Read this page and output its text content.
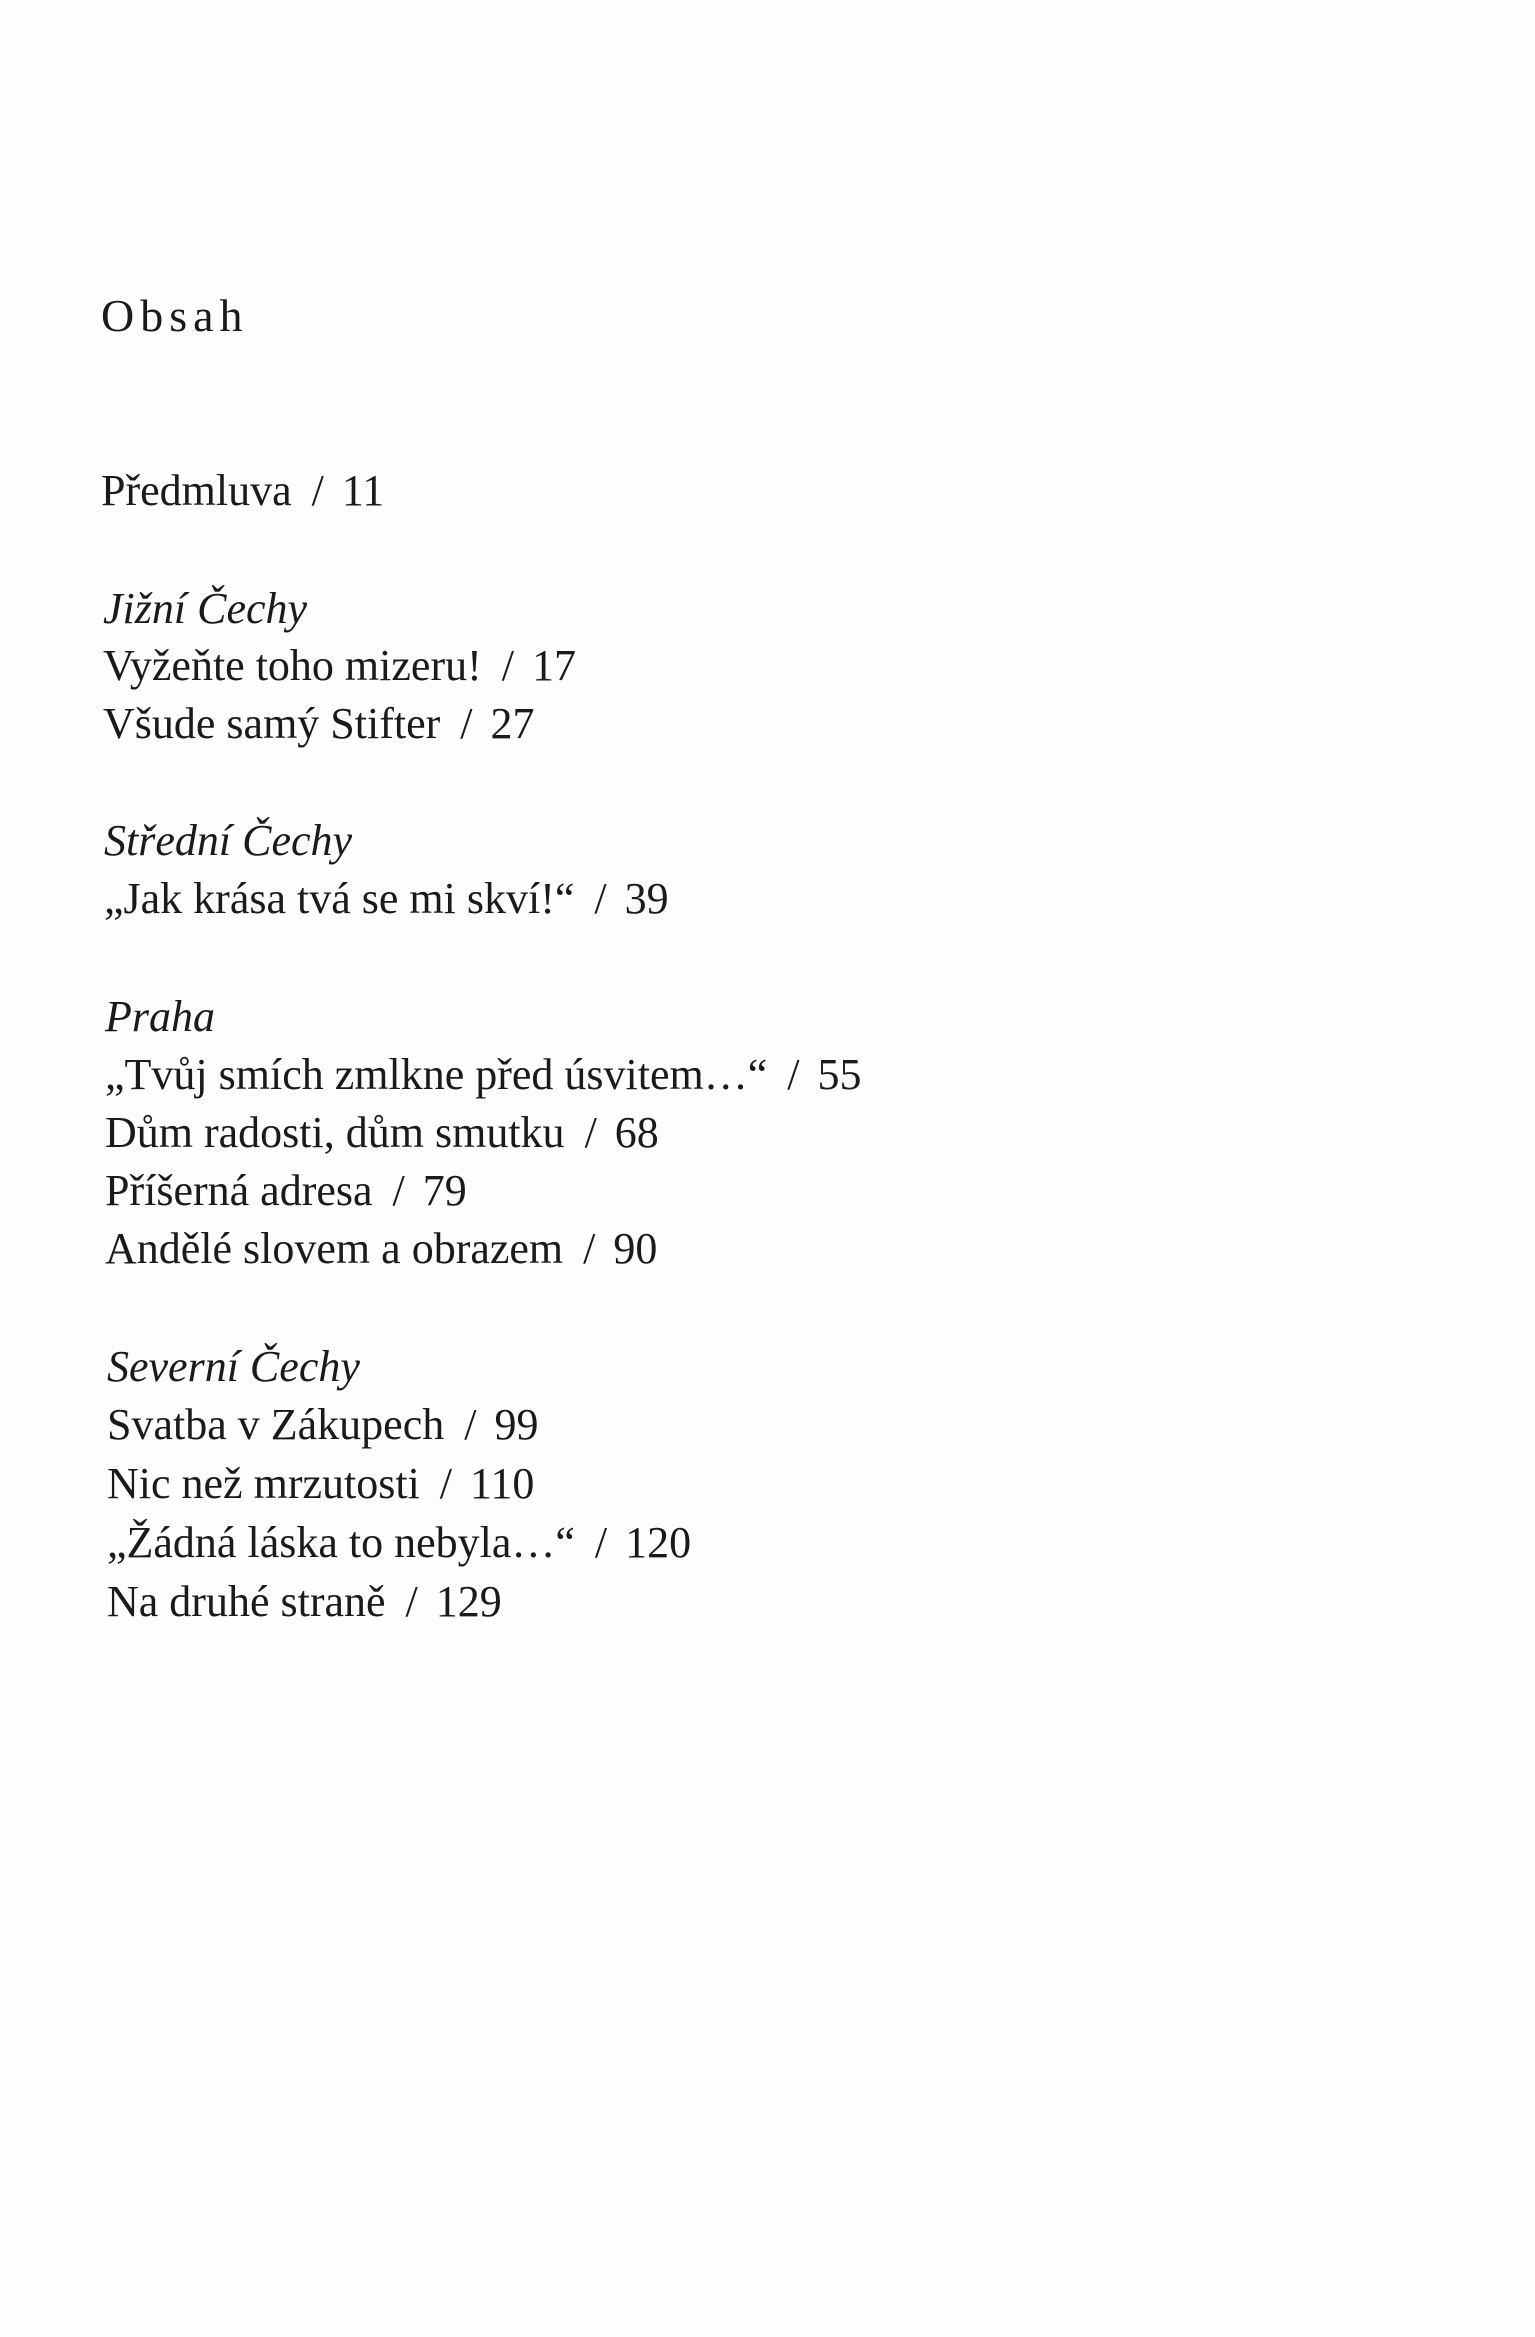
Obsah
Předmluva / 11
Jižní Čechy
Vyžeňte toho mizeru! / 17
Všude samý Stifter / 27
Střední Čechy
„Jak krása tvá se mi skví!“ / 39
Praha
„Tvůj smích zmlkne před úsvitem…“ / 55
Dům radosti, dům smutku / 68
Příšerná adresa / 79
Andělé slovem a obrazem / 90
Severní Čechy
Svatba v Zákupech / 99
Nic než mrzutosti / 110
„Žádná láska to nebyla…“ / 120
Na druhé straně / 129
